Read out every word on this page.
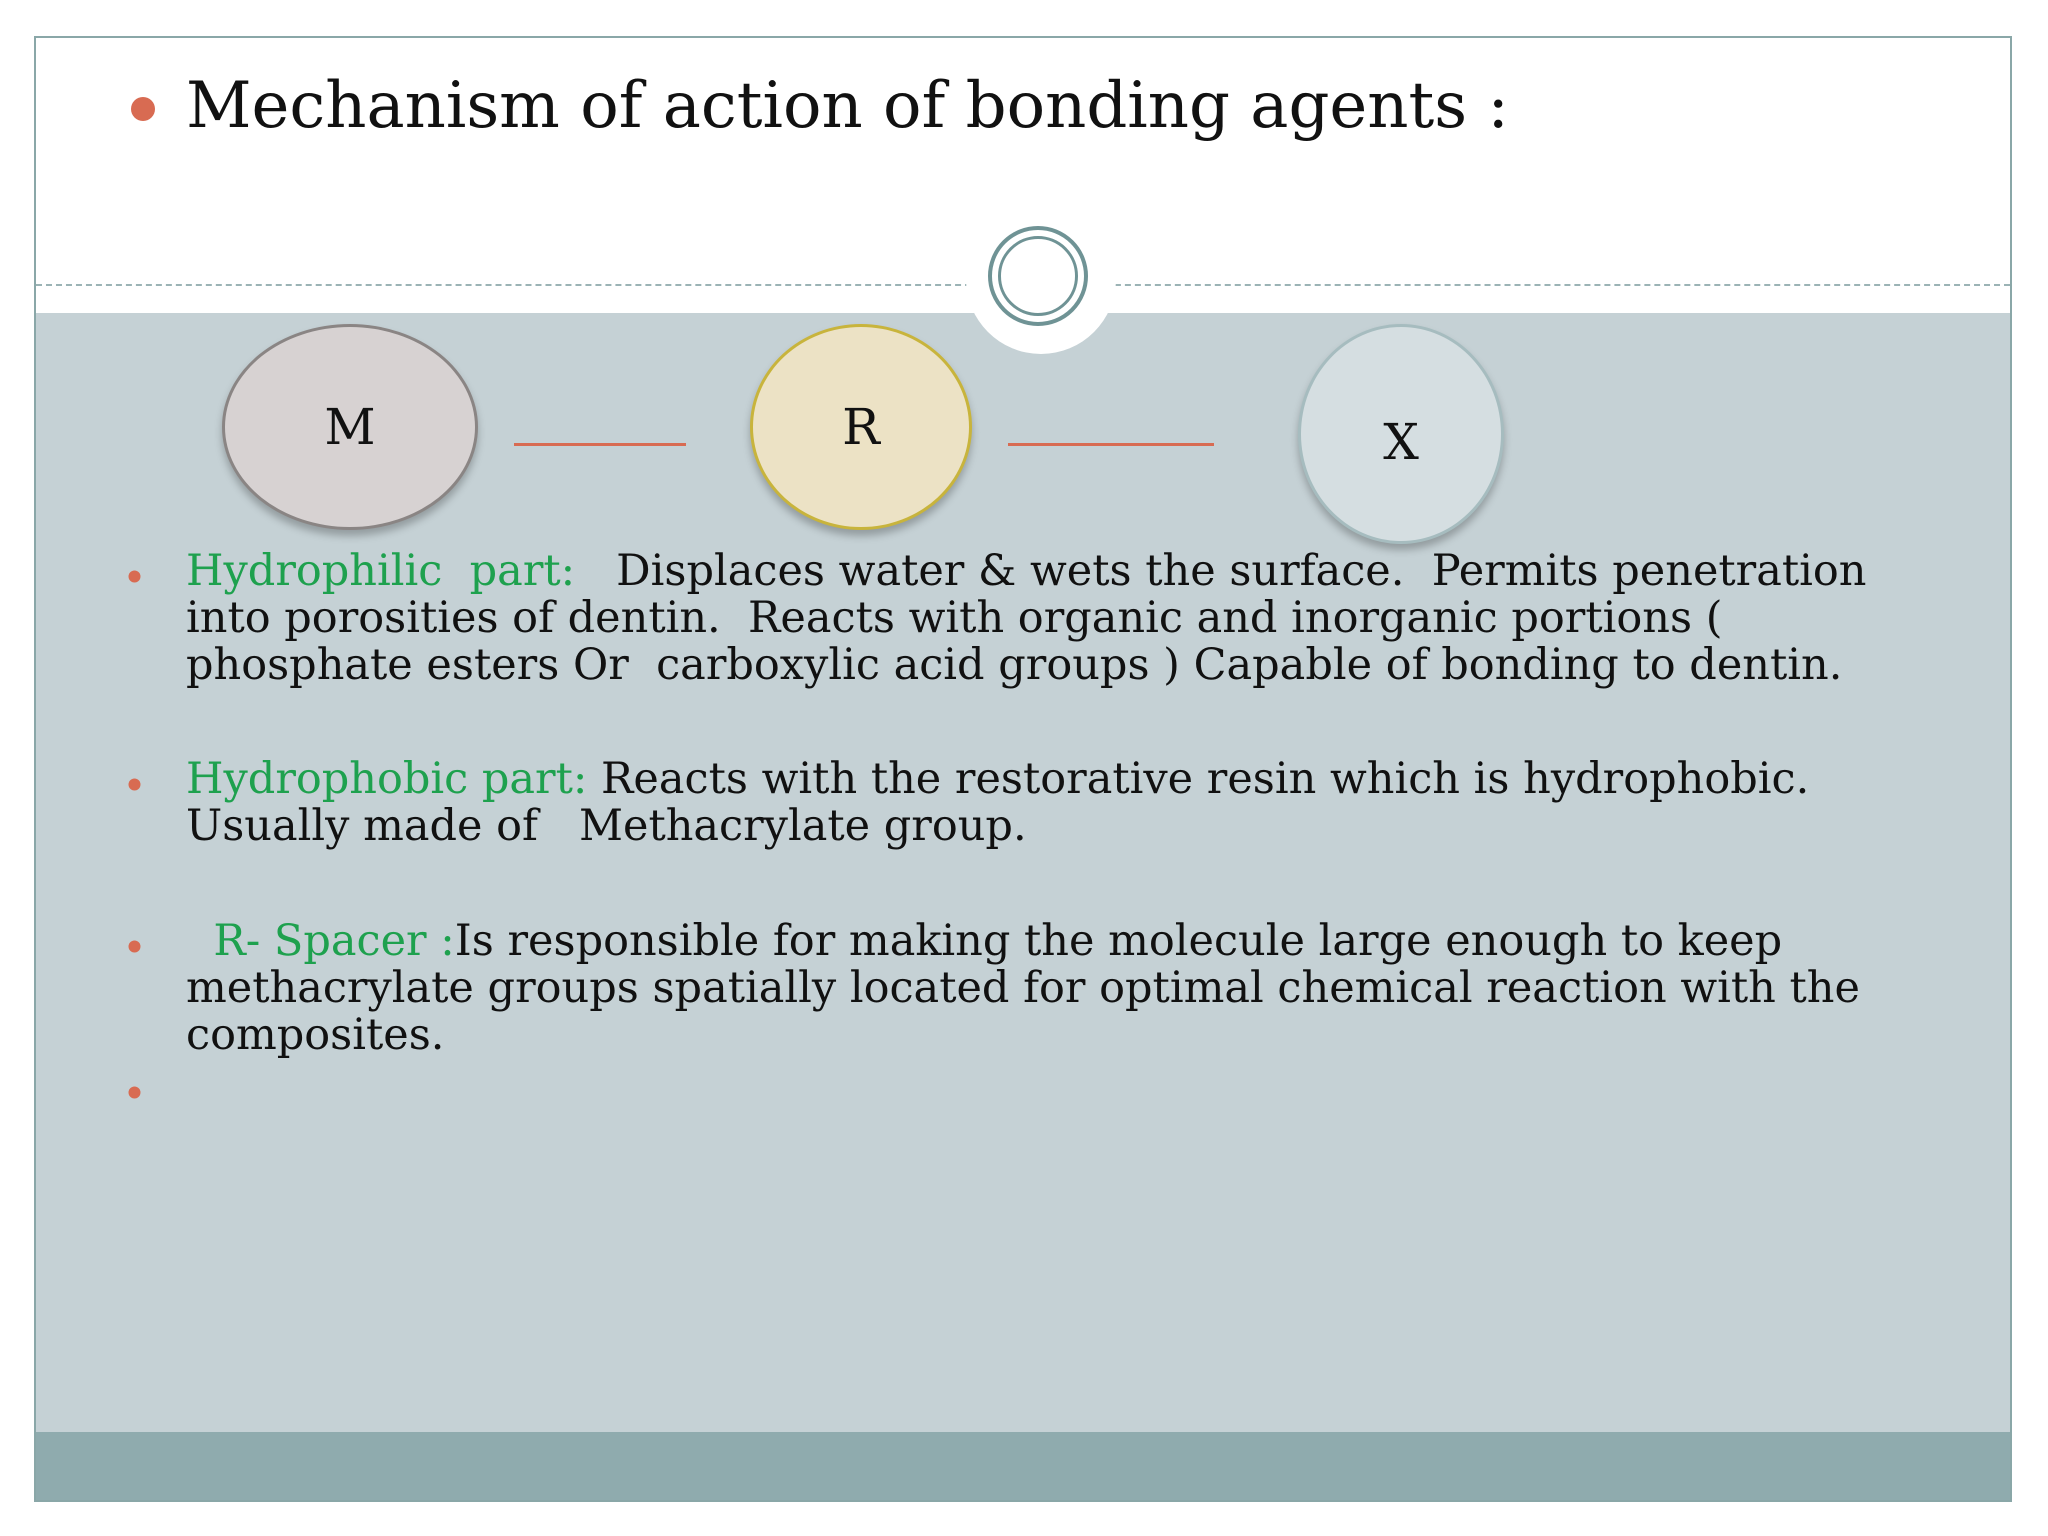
Mechanism of action of bonding agents :
M	R	X
Hydrophilic  part:   Displaces water & wets the surface.  Permits penetration into porosities of dentin.  Reacts with organic and inorganic portions ( phosphate esters Or  carboxylic acid groups ) Capable of bonding to dentin.
Hydrophobic part: Reacts with the restorative resin which is hydrophobic. Usually made of   Methacrylate group.
R- Spacer :Is responsible for making the molecule large enough to keep methacrylate groups spatially located for optimal chemical reaction with the composites.
